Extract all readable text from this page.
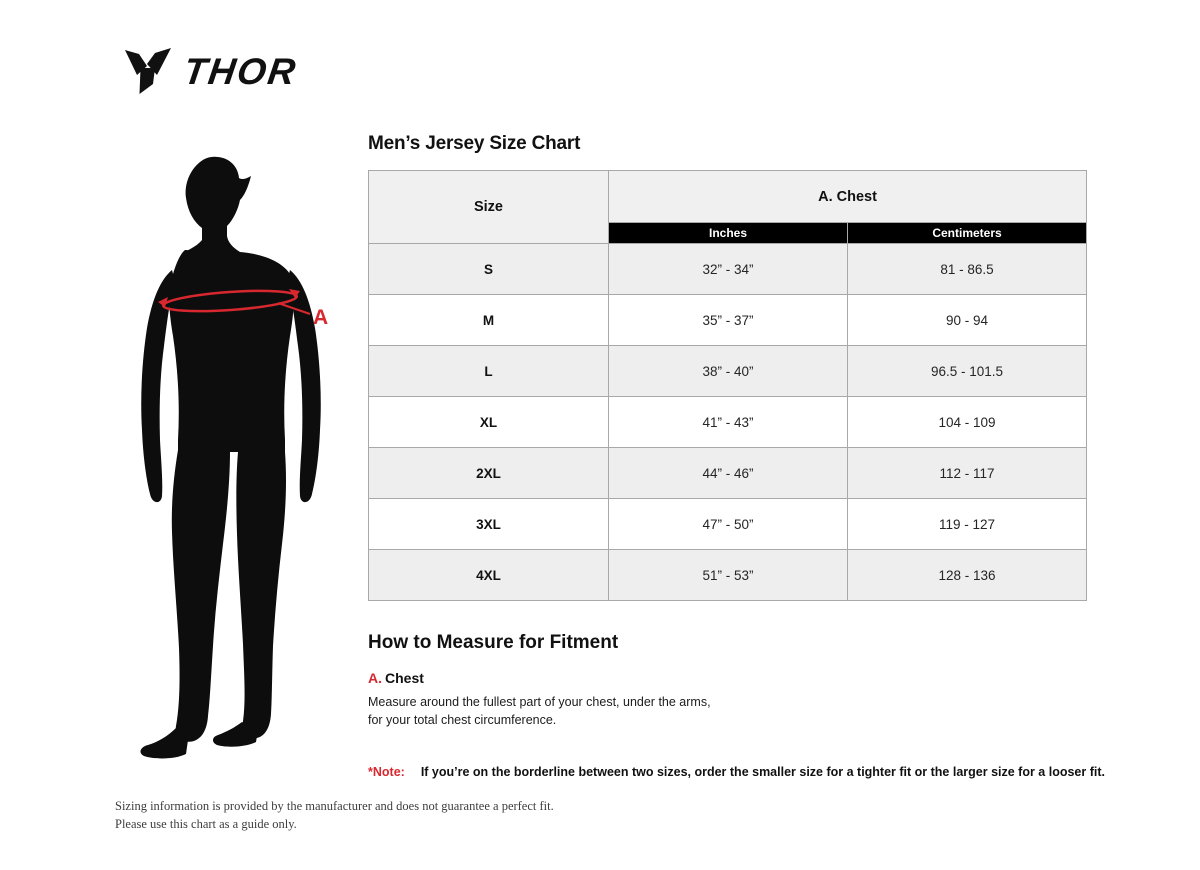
THOR
A
Men’s Jersey Size Chart
Size	A. Chest	
	Inches	Centimeters
S	32” - 34”	81 - 86.5
M	35” - 37”	90 - 94
L	38” - 40”	96.5 - 101.5
XL	41” - 43”	104 - 109
2XL	44” - 46”	112 - 117
3XL	47” - 50”	119 - 127
4XL	51” - 53”	128 - 136
How to Measure for Fitment
A. Chest
Measure around the fullest part of your chest, under the arms, for your total chest circumference.
*Note: If you’re on the borderline between two sizes, order the smaller size for a tighter fit or the larger size for a looser fit.
Sizing information is provided by the manufacturer and does not guarantee a perfect fit.
Please use this chart as a guide only.
